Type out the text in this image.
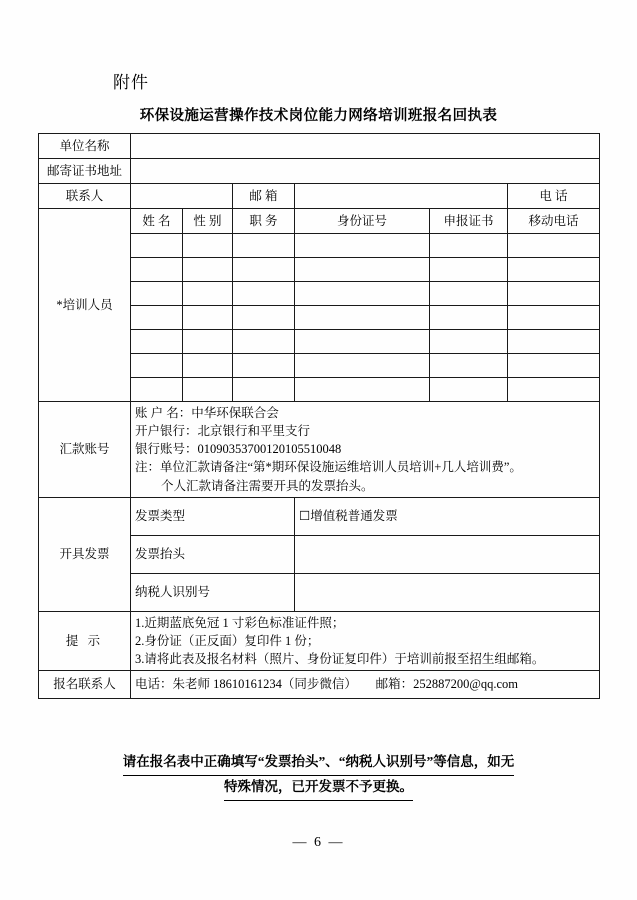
附件
环保设施运营操作技术岗位能力网络培训班报名回执表
单位名称						
邮寄证书地址						
联系人			邮 箱			电 话
*培训人员	姓 名	性 别	职 务	身份证号	申报证书	移动电话

汇款账号	账 户 名：中华环保联合会
开户银行：北京银行和平里支行
银行账号：01090353700120105510048
注：单位汇款请备注“第*期环保设施运维培训人员培训+几人培训费”。
个人汇款请备注需要开具的发票抬头。					

开具发票	发票类型			☐增值税普通发票		
	发票抬头					
	纳税人识别号					
提 示	1.近期蓝底免冠 1 寸彩色标准证件照；
2.身份证（正反面）复印件 1 份；
3.请将此表及报名材料（照片、身份证复印件）于培训前报至招生组邮箱。					

报名联系人	电话：朱老师 18610161234（同步微信）　　邮箱：252887200@qq.com					
请在报名表中正确填写“发票抬头”、“纳税人识别号”等信息，如无
特殊情况，已开发票不予更换。
— 6 —
